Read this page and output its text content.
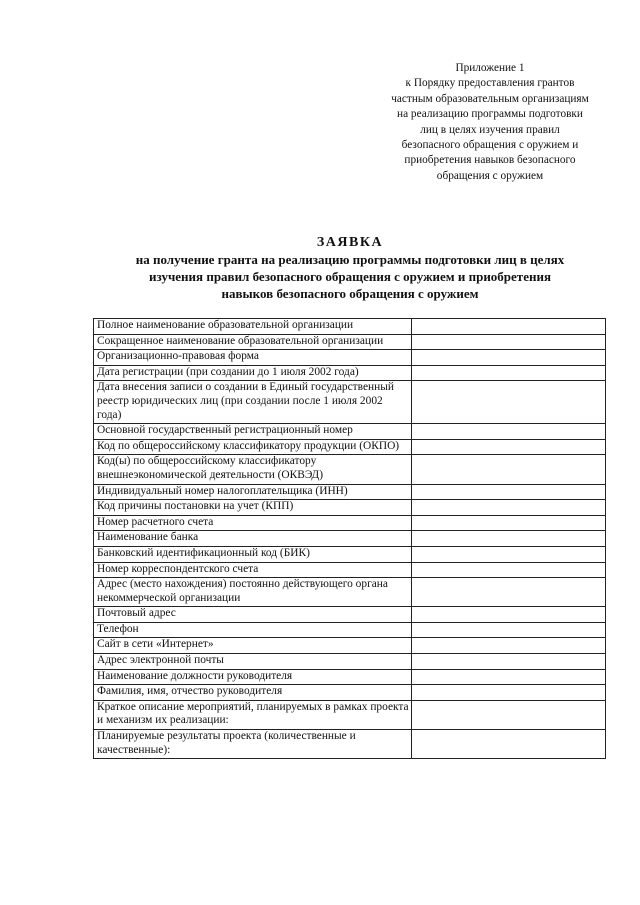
Приложение 1
к Порядку предоставления грантов
частным образовательным организациям
на реализацию программы подготовки
лиц в целях изучения правил
безопасного обращения с оружием и
приобретения навыков безопасного
обращения с оружием
ЗАЯВКА
на получение гранта на реализацию программы подготовки лиц в целях
изучения правил безопасного обращения с оружием и приобретения
навыков безопасного обращения с оружием
Полное наименование образовательной организации	
Сокращенное наименование образовательной организации	
Организационно-правовая форма	
Дата регистрации (при создании до 1 июля 2002 года)	
Дата внесения записи о создании в Единый государственный реестр юридических лиц (при создании после 1 июля 2002 года)	
Основной государственный регистрационный номер	
Код по общероссийскому классификатору продукции (ОКПО)	
Код(ы) по общероссийскому классификатору внешнеэкономической деятельности (ОКВЭД)	
Индивидуальный номер налогоплательщика (ИНН)	
Код причины постановки на учет (КПП)	
Номер расчетного счета	
Наименование банка	
Банковский идентификационный код (БИК)	
Номер корреспондентского счета	
Адрес (место нахождения) постоянно действующего органа некоммерческой организации	
Почтовый адрес	
Телефон	
Сайт в сети «Интернет»	
Адрес электронной почты	
Наименование должности руководителя	
Фамилия, имя, отчество руководителя	
Краткое описание мероприятий, планируемых в рамках проекта и механизм их реализации:	
Планируемые результаты проекта (количественные и качественные):	
